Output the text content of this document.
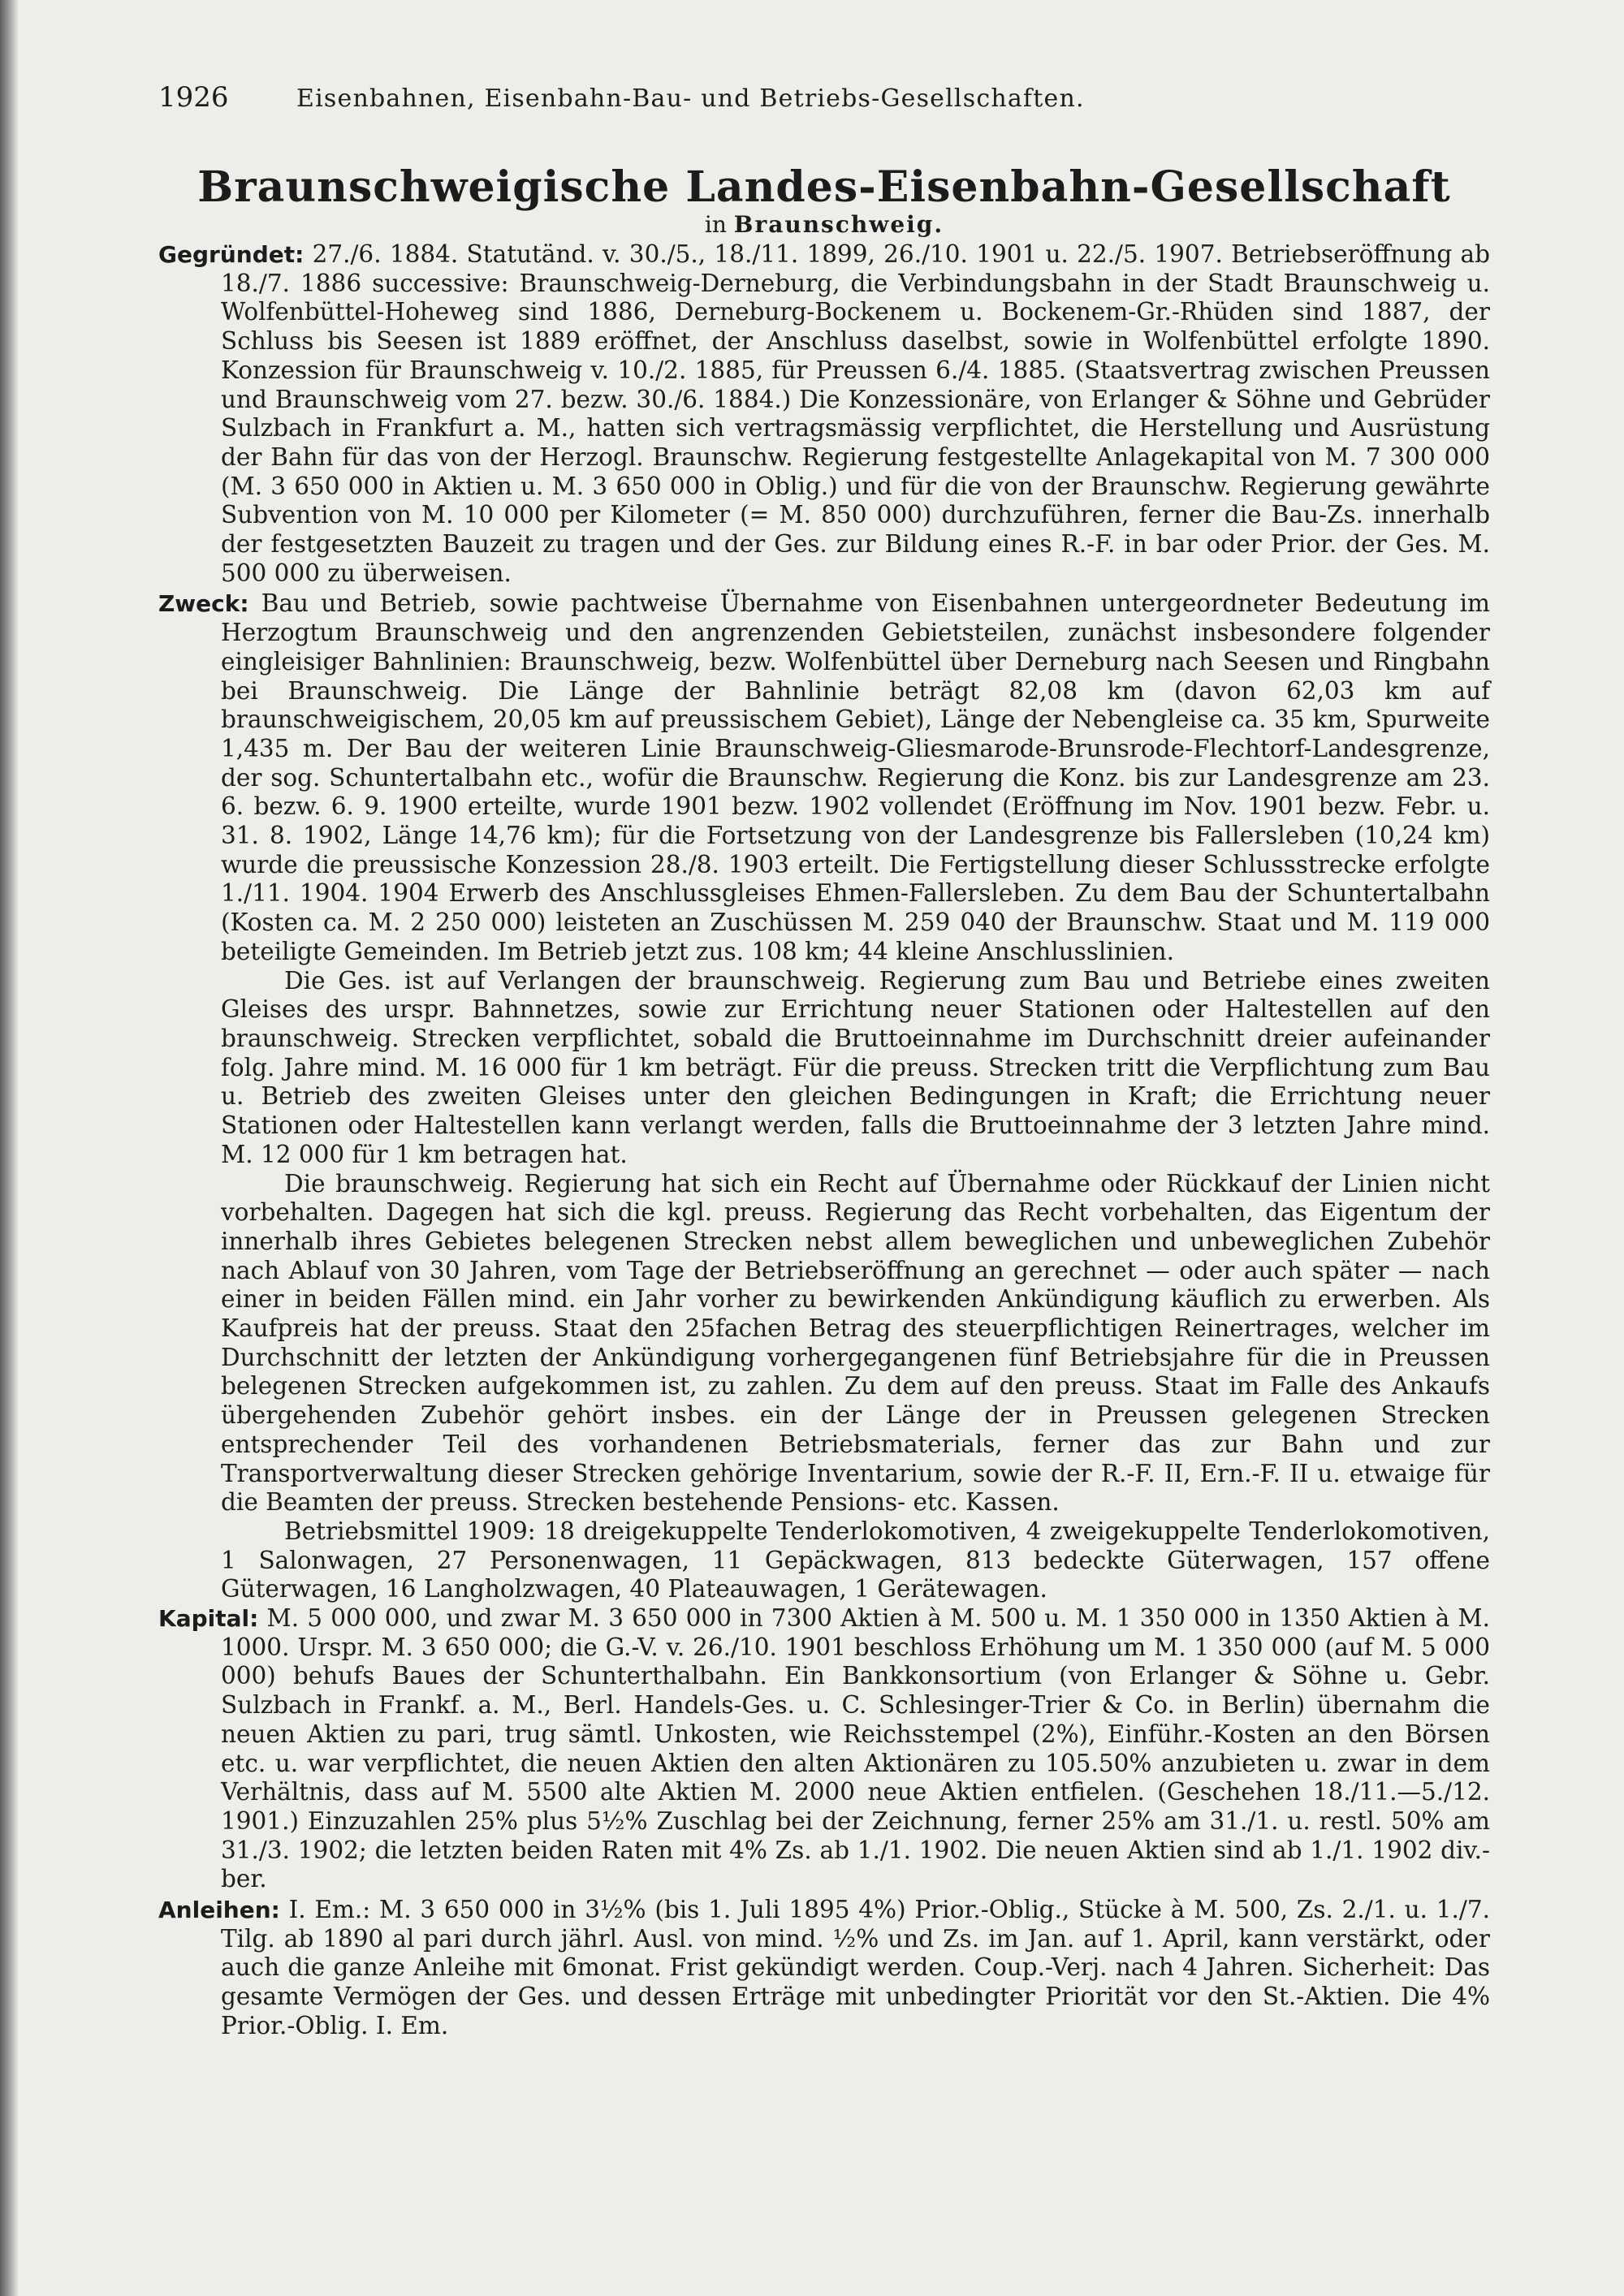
1926	Eisenbahnen, Eisenbahn-Bau- und Betriebs-Gesellschaften.
Braunschweigische Landes-Eisenbahn-Gesellschaft
in Braunschweig.
Gegründet: 27./6. 1884. Statutänd. v. 30./5., 18./11. 1899, 26./10. 1901 u. 22./5. 1907. Betriebseröffnung ab 18./7. 1886 successive: Braunschweig-Derneburg, die Verbindungsbahn in der Stadt Braunschweig u. Wolfenbüttel-Hoheweg sind 1886, Derneburg-Bockenem u. Bockenem-Gr.-Rhüden sind 1887, der Schluss bis Seesen ist 1889 eröffnet, der Anschluss daselbst, sowie in Wolfenbüttel erfolgte 1890. Konzession für Braunschweig v. 10./2. 1885, für Preussen 6./4. 1885. (Staatsvertrag zwischen Preussen und Braunschweig vom 27. bezw. 30./6. 1884.) Die Konzessionäre, von Erlanger & Söhne und Gebrüder Sulzbach in Frankfurt a. M., hatten sich vertragsmässig verpflichtet, die Herstellung und Ausrüstung der Bahn für das von der Herzogl. Braunschw. Regierung festgestellte Anlagekapital von M. 7 300 000 (M. 3 650 000 in Aktien u. M. 3 650 000 in Oblig.) und für die von der Braunschw. Regierung gewährte Subvention von M. 10 000 per Kilometer (= M. 850 000) durchzuführen, ferner die Bau-Zs. innerhalb der festgesetzten Bauzeit zu tragen und der Ges. zur Bildung eines R.-F. in bar oder Prior. der Ges. M. 500 000 zu überweisen.
Zweck: Bau und Betrieb, sowie pachtweise Übernahme von Eisenbahnen untergeordneter Bedeutung im Herzogtum Braunschweig und den angrenzenden Gebietsteilen, zunächst insbesondere folgender eingleisiger Bahnlinien: Braunschweig, bezw. Wolfenbüttel über Derneburg nach Seesen und Ringbahn bei Braunschweig. Die Länge der Bahnlinie beträgt 82,08 km (davon 62,03 km auf braunschweigischem, 20,05 km auf preussischem Gebiet), Länge der Nebengleise ca. 35 km, Spurweite 1,435 m. Der Bau der weiteren Linie Braunschweig-Gliesmarode-Brunsrode-Flechtorf-Landesgrenze, der sog. Schuntertalbahn etc., wofür die Braunschw. Regierung die Konz. bis zur Landesgrenze am 23. 6. bezw. 6. 9. 1900 erteilte, wurde 1901 bezw. 1902 vollendet (Eröffnung im Nov. 1901 bezw. Febr. u. 31. 8. 1902, Länge 14,76 km); für die Fortsetzung von der Landesgrenze bis Fallersleben (10,24 km) wurde die preussische Konzession 28./8. 1903 erteilt. Die Fertigstellung dieser Schlussstrecke erfolgte 1./11. 1904. 1904 Erwerb des Anschlussgleises Ehmen-Fallersleben. Zu dem Bau der Schuntertalbahn (Kosten ca. M. 2 250 000) leisteten an Zuschüssen M. 259 040 der Braunschw. Staat und M. 119 000 beteiligte Gemeinden. Im Betrieb jetzt zus. 108 km; 44 kleine Anschlusslinien.
Die Ges. ist auf Verlangen der braunschweig. Regierung zum Bau und Betriebe eines zweiten Gleises des urspr. Bahnnetzes, sowie zur Errichtung neuer Stationen oder Haltestellen auf den braunschweig. Strecken verpflichtet, sobald die Bruttoeinnahme im Durchschnitt dreier aufeinander folg. Jahre mind. M. 16 000 für 1 km beträgt. Für die preuss. Strecken tritt die Verpflichtung zum Bau u. Betrieb des zweiten Gleises unter den gleichen Bedingungen in Kraft; die Errichtung neuer Stationen oder Haltestellen kann verlangt werden, falls die Bruttoeinnahme der 3 letzten Jahre mind. M. 12 000 für 1 km betragen hat.
Die braunschweig. Regierung hat sich ein Recht auf Übernahme oder Rückkauf der Linien nicht vorbehalten. Dagegen hat sich die kgl. preuss. Regierung das Recht vorbehalten, das Eigentum der innerhalb ihres Gebietes belegenen Strecken nebst allem beweglichen und unbeweglichen Zubehör nach Ablauf von 30 Jahren, vom Tage der Betriebseröffnung an gerechnet — oder auch später — nach einer in beiden Fällen mind. ein Jahr vorher zu bewirkenden Ankündigung käuflich zu erwerben. Als Kaufpreis hat der preuss. Staat den 25fachen Betrag des steuerpflichtigen Reinertrages, welcher im Durchschnitt der letzten der Ankündigung vorhergegangenen fünf Betriebsjahre für die in Preussen belegenen Strecken aufgekommen ist, zu zahlen. Zu dem auf den preuss. Staat im Falle des Ankaufs übergehenden Zubehör gehört insbes. ein der Länge der in Preussen gelegenen Strecken entsprechender Teil des vorhandenen Betriebsmaterials, ferner das zur Bahn und zur Transportverwaltung dieser Strecken gehörige Inventarium, sowie der R.-F. II, Ern.-F. II u. etwaige für die Beamten der preuss. Strecken bestehende Pensions- etc. Kassen.
Betriebsmittel 1909: 18 dreigekuppelte Tenderlokomotiven, 4 zweigekuppelte Tenderlokomotiven, 1 Salonwagen, 27 Personenwagen, 11 Gepäckwagen, 813 bedeckte Güterwagen, 157 offene Güterwagen, 16 Langholzwagen, 40 Plateauwagen, 1 Gerätewagen.
Kapital: M. 5 000 000, und zwar M. 3 650 000 in 7300 Aktien à M. 500 u. M. 1 350 000 in 1350 Aktien à M. 1000. Urspr. M. 3 650 000; die G.-V. v. 26./10. 1901 beschloss Erhöhung um M. 1 350 000 (auf M. 5 000 000) behufs Baues der Schunterthalbahn. Ein Bankkonsortium (von Erlanger & Söhne u. Gebr. Sulzbach in Frankf. a. M., Berl. Handels-Ges. u. C. Schlesinger-Trier & Co. in Berlin) übernahm die neuen Aktien zu pari, trug sämtl. Unkosten, wie Reichsstempel (2%), Einführ.-Kosten an den Börsen etc. u. war verpflichtet, die neuen Aktien den alten Aktionären zu 105.50% anzubieten u. zwar in dem Verhältnis, dass auf M. 5500 alte Aktien M. 2000 neue Aktien entfielen. (Geschehen 18./11.—5./12. 1901.) Einzuzahlen 25% plus 5½% Zuschlag bei der Zeichnung, ferner 25% am 31./1. u. restl. 50% am 31./3. 1902; die letzten beiden Raten mit 4% Zs. ab 1./1. 1902. Die neuen Aktien sind ab 1./1. 1902 div.-ber.
Anleihen: I. Em.: M. 3 650 000 in 3½% (bis 1. Juli 1895 4%) Prior.-Oblig., Stücke à M. 500, Zs. 2./1. u. 1./7. Tilg. ab 1890 al pari durch jährl. Ausl. von mind. ½% und Zs. im Jan. auf 1. April, kann verstärkt, oder auch die ganze Anleihe mit 6monat. Frist gekündigt werden. Coup.-Verj. nach 4 Jahren. Sicherheit: Das gesamte Vermögen der Ges. und dessen Erträge mit unbedingter Priorität vor den St.-Aktien. Die 4% Prior.-Oblig. I. Em.
